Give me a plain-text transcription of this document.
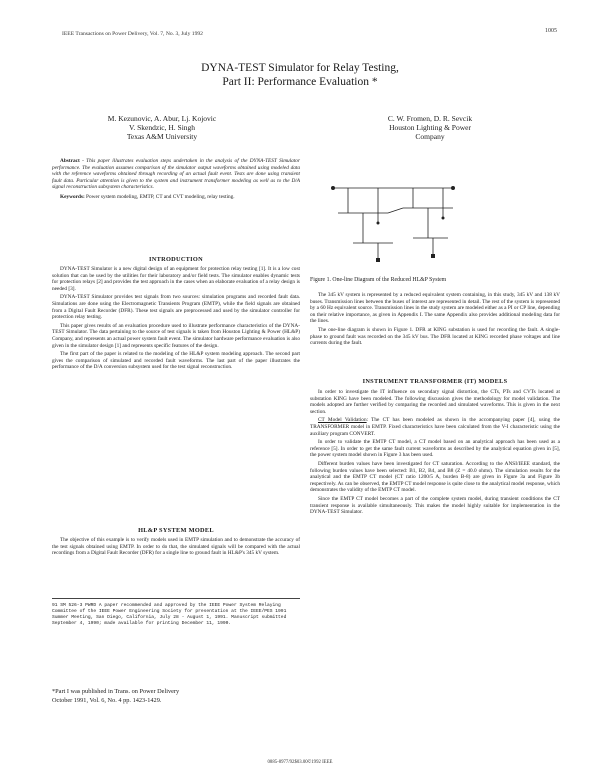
IEEE Transactions on Power Delivery, Vol. 7, No. 3, July 1992	1005
DYNA-TEST Simulator for Relay Testing,
Part II: Performance Evaluation *
M. Kezunovic, A. Abur, Lj. Kojovic
V. Skendzic, H. Singh
Texas A&M University
C. W. Fromen, D. R. Sevcik
Houston Lighting & Power
Company

Abstract - This paper illustrates evaluation steps undertaken in the analysis of the DYNA-TEST Simulator performance. The evaluation assumes comparison of the simulator output waveforms obtained using modeled data with the reference waveforms obtained through recording of an actual fault event. Tests are done using transient fault data. Particular attention is given to the system and instrument transformer modeling as well as to the D/A signal reconstruction subsystem characteristics.

Keywords: Power system modeling, EMTP, CT and CVT modeling, relay testing.

INTRODUCTION

DYNA-TEST Simulator is a new digital design of an equipment for protection relay testing [1]. It is a low cost solution that can be used by the utilities for their laboratory and/or field tests. The simulator enables dynamic tests for protection relays [2] and provides the test approach in the cases when an elaborate evaluation of a relay design is needed [3].

DYNA-TEST Simulator provides test signals from two sources: simulation programs and recorded fault data. Simulations are done using the Electromagnetic Transients Program (EMTP), while the field signals are obtained from a Digital Fault Recorder (DFR). These test signals are preprocessed and used by the simulator controller for protection relay testing.

This paper gives results of an evaluation procedure used to illustrate performance characteristics of the DYNA-TEST Simulator. The data pertaining to the source of test signals is taken from Houston Lighting & Power (HL&P) Company, and represents an actual power system fault event. The simulator hardware performance evaluation is also given in the simulator design [1] and represents specific features of the design.

The first part of the paper is related to the modeling of the HL&P system modeling approach. The second part gives the comparison of simulated and recorded fault waveforms. The last part of the paper illustrates the performance of the D/A conversion subsystem used for the test signal reconstruction.

HL&P SYSTEM MODEL

The objective of this example is to verify models used in EMTP simulation and to demonstrate the accuracy of the test signals obtained using EMTP. In order to do that, the simulated signals will be compared with the actual recordings from a Digital Fault Recorder (DFR) for a single line to ground fault in HL&P's 345 kV system.

91 SM 526-3 PWRD A paper recommended and approved by the IEEE Power System Relaying Committee of the IEEE Power Engineering Society for presentation at the IEEE/PES 1991 Summer Meeting, San Diego, California, July 28 - August 1, 1991. Manuscript submitted September 4, 1990; made available for printing December 11, 1990.
*Part I was published in Trans. on Power Delivery
October 1991, Vol. 6, No. 4 pp. 1423-1429.
Figure 1. One-line Diagram of the Reduced HL&P System

The 345 kV system is represented by a reduced equivalent system containing, in this study, 345 kV and 138 kV buses. Transmission lines between the buses of interest are represented in detail. The rest of the system is represented by a 60 Hz equivalent source. Transmission lines in the study system are modeled either as a PI or CP line, depending on their relative importance, as given in Appendix I. The same Appendix also provides additional modeling data for the lines.

The one-line diagram is shown in Figure 1. DFR at KING substation is used for recording the fault. A single-phase to ground fault was recorded on the 345 kV bus. The DFR located at KING recorded phase voltages and line currents during the fault.

INSTRUMENT TRANSFORMER (IT) MODELS

In order to investigate the IT influence on secondary signal distortion, the CTs, PTs and CVTs located at substation KING have been modeled. The following discussion gives the methodology for model validation. The models adopted are further verified by comparing the recorded and simulated waveforms. This is given in the next section.

CT Model Validation: The CT has been modeled as shown in the accompanying paper [4], using the TRANSFORMER model in EMTP. Fixed characteristics have been calculated from the V-I characteristic using the auxiliary program CONVERT.

In order to validate the EMTP CT model, a CT model based on an analytical approach has been used as a reference [5]. In order to get the same fault current waveforms as described by the analytical equation given in [5], the power system model shown in Figure 3 has been used.

Different burden values have been investigated for CT saturation. According to the ANSI/IEEE standard, the following burden values have been selected: B1, B2, B4, and B8 (Z = 40.0 ohms). The simulation results for the analytical and the EMTP CT model (CT ratio 1200/5 A, burden B-8) are given in Figure 3a and Figure 3b respectively. As can be observed, the EMTP CT model response is quite close to the analytical model response, which demonstrates the validity of the EMTP CT model.

Since the EMTP CT model becomes a part of the complete system model, during transient conditions the CT transient response is available simultaneously. This makes the model highly suitable for implementation in the DYNA-TEST Simulator.

0885-8977/92$03.00©1992 IEEE
